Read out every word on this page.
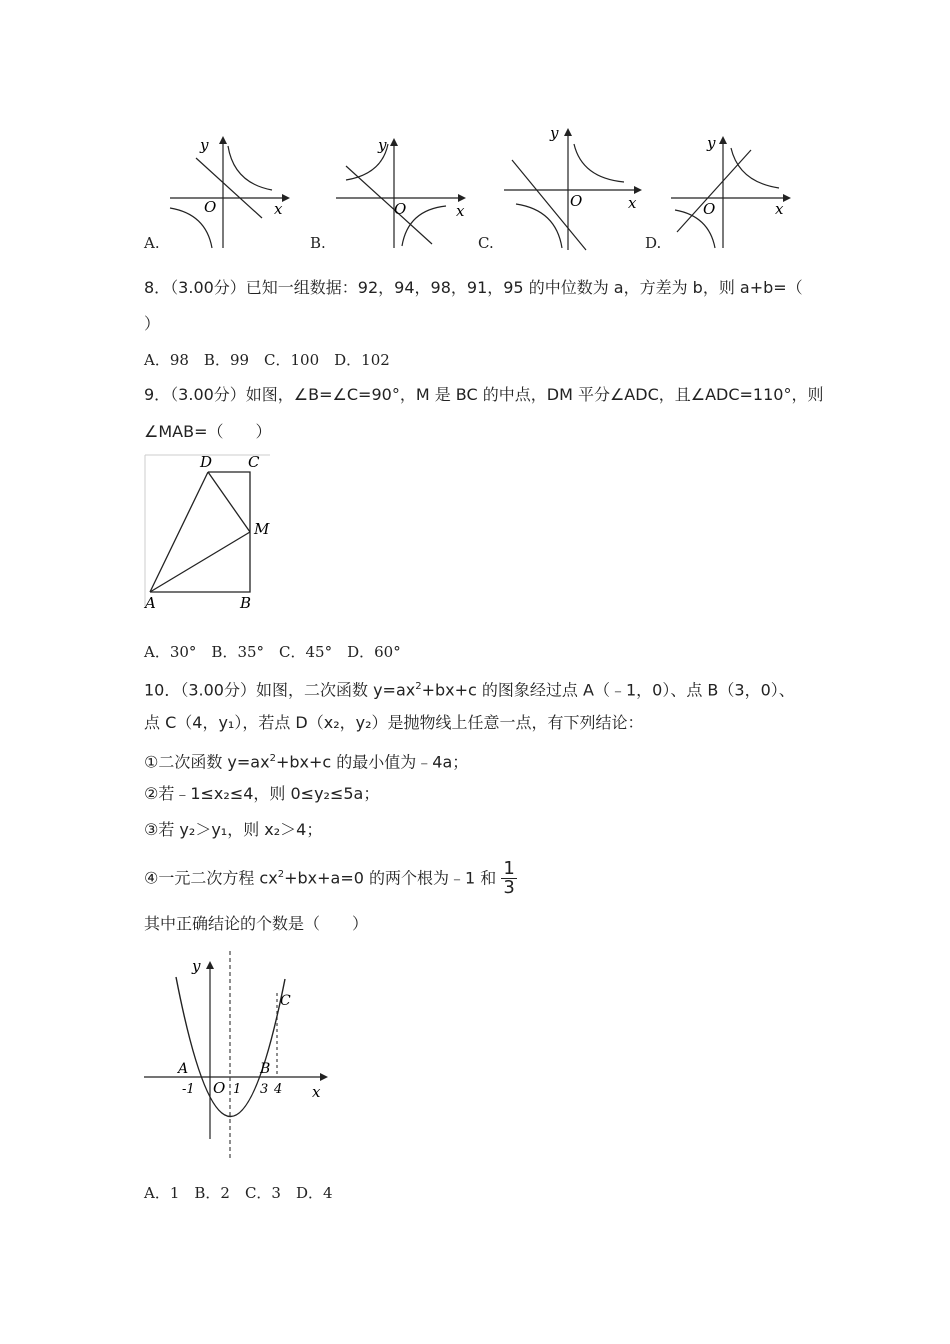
A.
y
x
O
B.
y
x
O
C.
y
x
O
D.
y
x
O
8．（3.00分）已知一组数据：92，94，98，91，95 的中位数为 a，方差为 b，则 a+b=（
）
A．98　B．99　C．100　D．102
9．（3.00分）如图，∠B=∠C=90°，M 是 BC 的中点，DM 平分∠ADC，且∠ADC=110°，则
∠MAB=（　　）
D C
M
A	B
A．30°　B．35°　C．45°　D．60°
10．（3.00分）如图，二次函数 $y=ax^2+bx+c$ 的图象经过点 A（﹣1，0）、点 B（3，0）、
点 C（4，y₁），若点 D（x₂，y₂）是抛物线上任意一点，有下列结论：
①二次函数 $y=ax^2+bx+c$ 的最小值为﹣4a；
②若﹣1≤x₂≤4，则 0≤y₂≤5a；
③若 y₂＞y₁，则 x₂＞4；
④一元二次方程 $cx^2+bx+a=0$ 的两个根为﹣1 和 $\frac{1}{3}$
其中正确结论的个数是（　　）
y
x
O
A	B
C
-1	1 3 4
A．1　B．2　C．3　D．4
